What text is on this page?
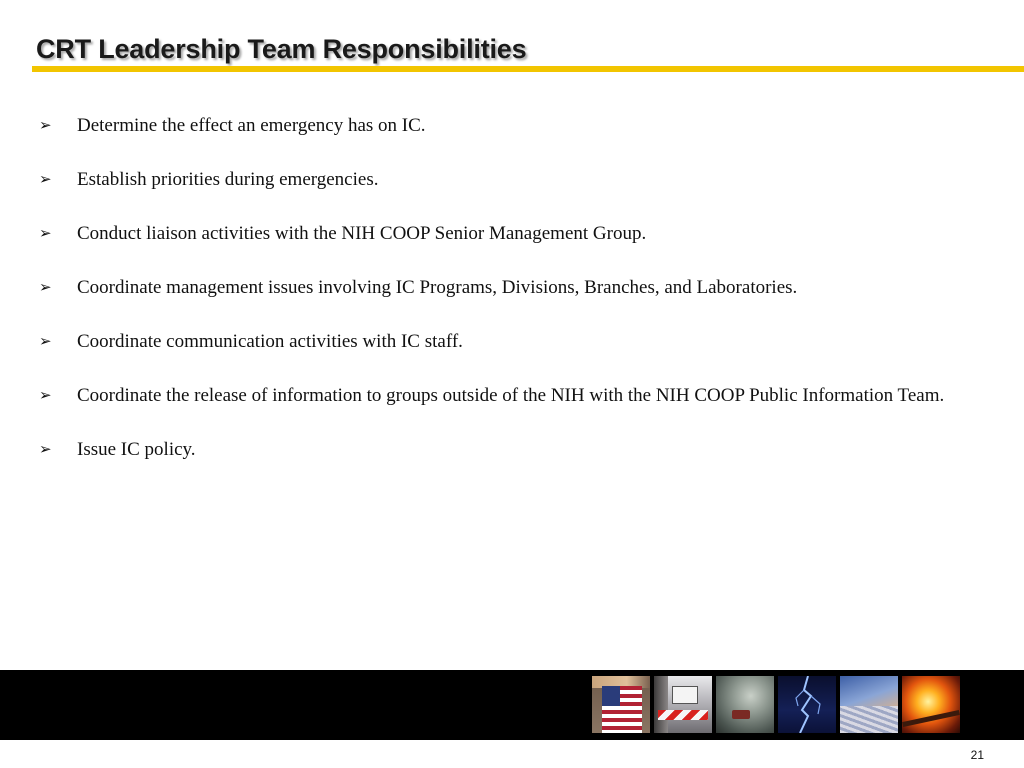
CRT Leadership Team Responsibilities
➢ Determine the effect an emergency has on IC.
➢ Establish priorities during emergencies.
➢ Conduct liaison activities with the NIH COOP Senior Management Group.
➢ Coordinate management issues involving IC Programs, Divisions, Branches, and Laboratories.
➢ Coordinate communication activities with IC staff.
➢ Coordinate the release of information to groups outside of the NIH with the NIH COOP Public Information Team.
➢ Issue IC policy.
21
